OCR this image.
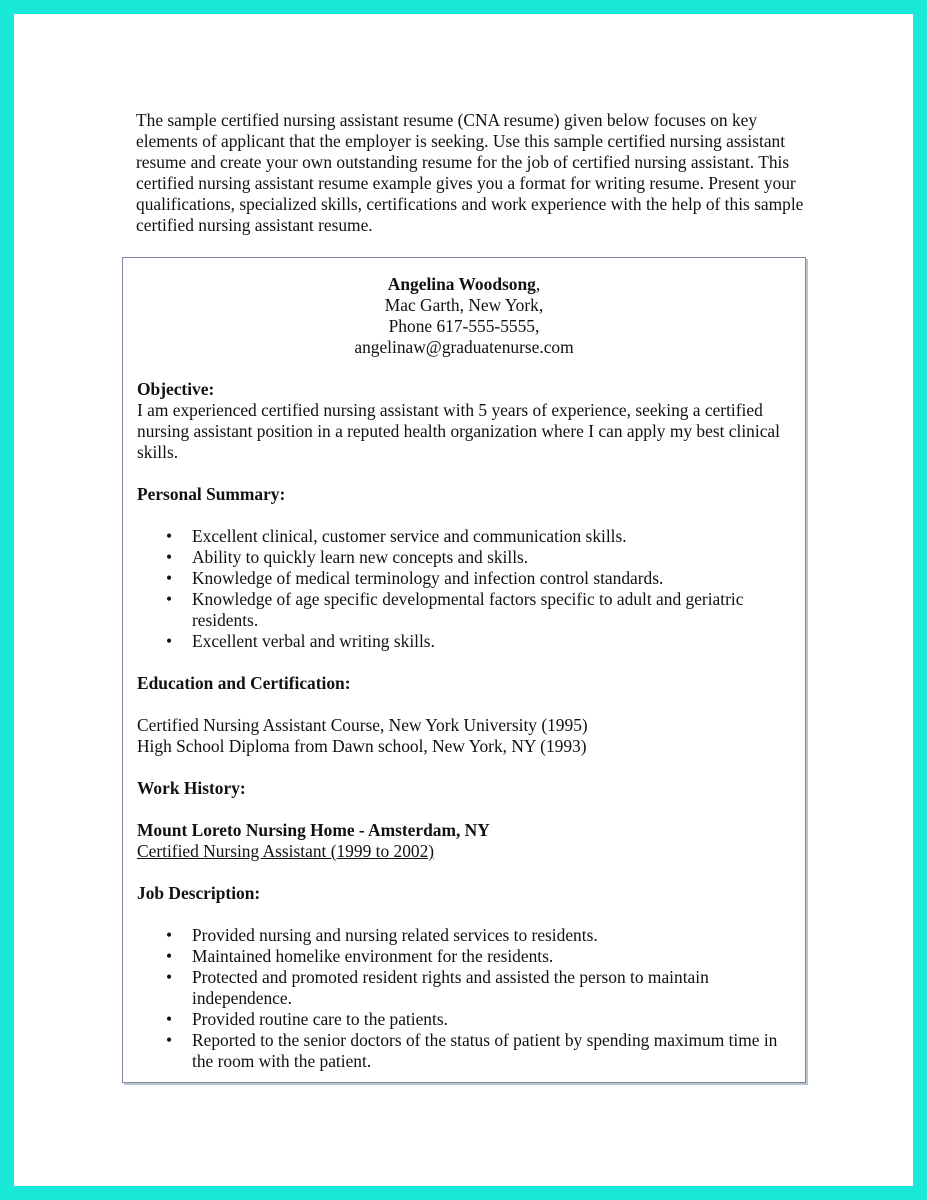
The sample certified nursing assistant resume (CNA resume) given below focuses on key elements of applicant that the employer is seeking. Use this sample certified nursing assistant resume and create your own outstanding resume for the job of certified nursing assistant. This certified nursing assistant resume example gives you a format for writing resume. Present your qualifications, specialized skills, certifications and work experience with the help of this sample certified nursing assistant resume.
Angelina Woodsong,
Mac Garth, New York,
Phone 617-555-5555,
angelinaw@graduatenurse.com
Objective:
I am experienced certified nursing assistant with 5 years of experience, seeking a certified nursing assistant position in a reputed health organization where I can apply my best clinical skills.
Personal Summary:
• Excellent clinical, customer service and communication skills.
• Ability to quickly learn new concepts and skills.
• Knowledge of medical terminology and infection control standards.
• Knowledge of age specific developmental factors specific to adult and geriatric residents.
• Excellent verbal and writing skills.
Education and Certification:
Certified Nursing Assistant Course, New York University (1995)
High School Diploma from Dawn school, New York, NY (1993)
Work History:
Mount Loreto Nursing Home - Amsterdam, NY
Certified Nursing Assistant (1999 to 2002)
Job Description:
• Provided nursing and nursing related services to residents.
• Maintained homelike environment for the residents.
• Protected and promoted resident rights and assisted the person to maintain independence.
• Provided routine care to the patients.
• Reported to the senior doctors of the status of patient by spending maximum time in the room with the patient.
